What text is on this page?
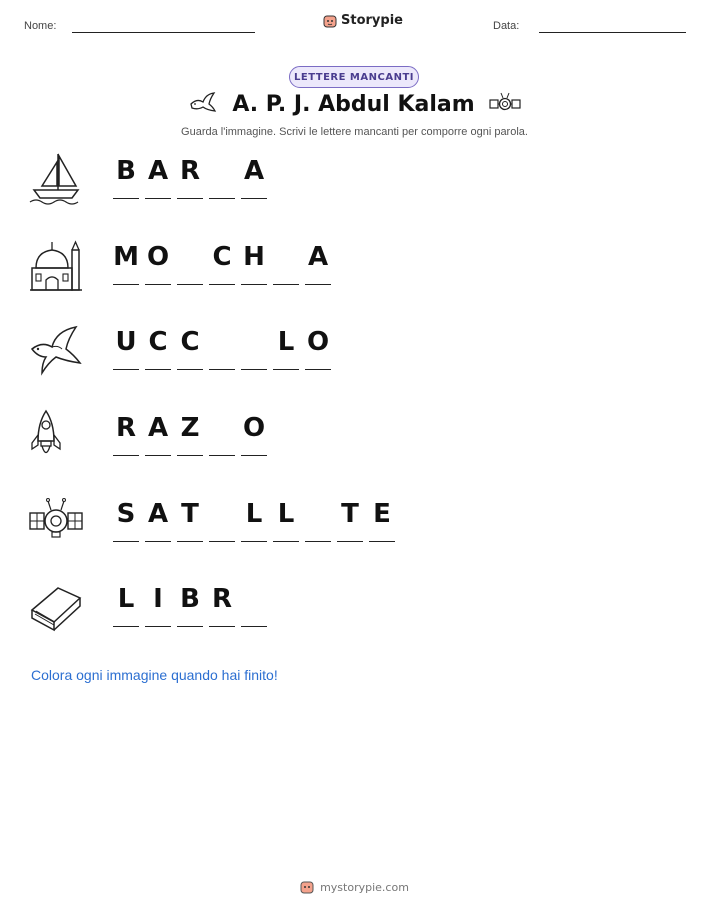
Nome:	Storypie	Data:
LETTERE MANCANTI
A. P. J. Abdul Kalam
Guarda l'immagine. Scrivi le lettere mancanti per comporre ogni parola.
B A R A
M O C H A
U C C	L O
R A Z O
S A T L L T E
L I B R
Colora ogni immagine quando hai finito!
mystorypie.com
